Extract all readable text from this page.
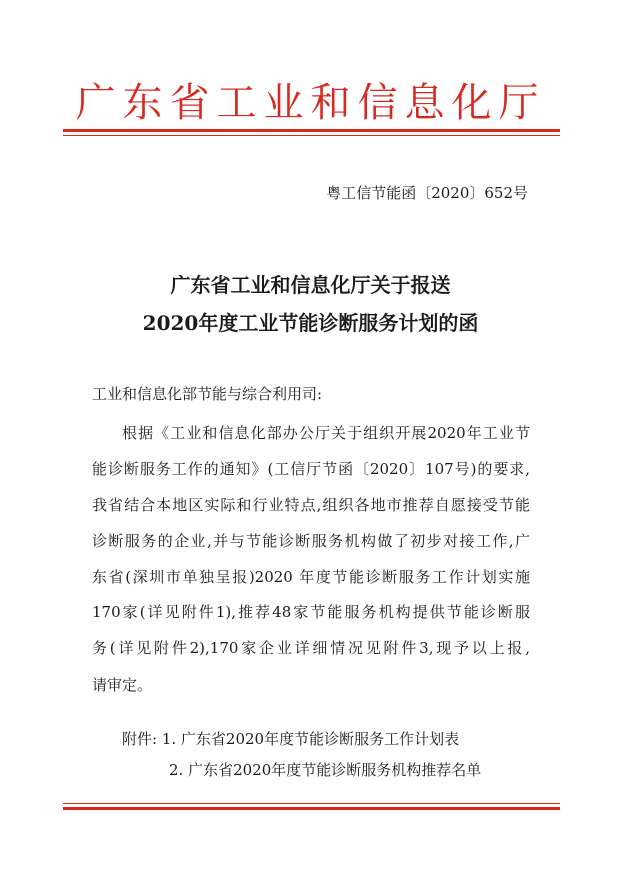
广东省工业和信息化厅
粤工信节能函〔2020〕652号
广东省工业和信息化厅关于报送
2020年度工业节能诊断服务计划的函
工业和信息化部节能与综合利用司:
根据《工业和信息化部办公厅关于组织开展2020年工业节
能诊断服务工作的通知》(工信厅节函〔2020〕107号)的要求,
我省结合本地区实际和行业特点,组织各地市推荐自愿接受节能
诊断服务的企业,并与节能诊断服务机构做了初步对接工作,广
东省(深圳市单独呈报)2020 年度节能诊断服务工作计划实施
170家(详见附件1),推荐48家节能服务机构提供节能诊断服
务(详见附件2),170家企业详细情况见附件3,现予以上报,
请审定。
附件: 1. 广东省2020年度节能诊断服务工作计划表
2. 广东省2020年度节能诊断服务机构推荐名单
